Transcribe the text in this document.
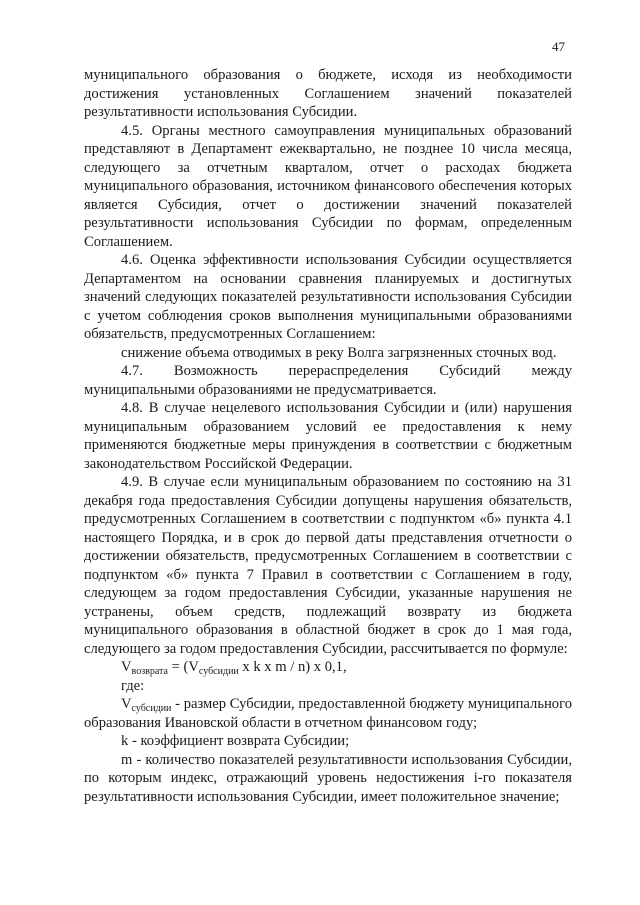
47

муниципального образования о бюджете, исходя из необходимости достижения установленных Соглашением значений показателей результативности использования Субсидии.

4.5. Органы местного самоуправления муниципальных образований представляют в Департамент ежеквартально, не позднее 10 числа месяца, следующего за отчетным кварталом, отчет о расходах бюджета муниципального образования, источником финансового обеспечения которых является Субсидия, отчет о достижении значений показателей результативности использования Субсидии по формам, определенным Соглашением.

4.6. Оценка эффективности использования Субсидии осуществляется Департаментом на основании сравнения планируемых и достигнутых значений следующих показателей результативности использования Субсидии с учетом соблюдения сроков выполнения муниципальными образованиями обязательств, предусмотренных Соглашением:

снижение объема отводимых в реку Волга загрязненных сточных вод.

4.7. Возможность перераспределения Субсидий между муниципальными образованиями не предусматривается.

4.8. В случае нецелевого использования Субсидии и (или) нарушения муниципальным образованием условий ее предоставления к нему применяются бюджетные меры принуждения в соответствии с бюджетным законодательством Российской Федерации.

4.9. В случае если муниципальным образованием по состоянию на 31 декабря года предоставления Субсидии допущены нарушения обязательств, предусмотренных Соглашением в соответствии с подпунктом «б» пункта 4.1 настоящего Порядка, и в срок до первой даты представления отчетности о достижении обязательств, предусмотренных Соглашением в соответствии с подпунктом «б» пункта 7 Правил в соответствии с Соглашением в году, следующем за годом предоставления Субсидии, указанные нарушения не устранены, объем средств, подлежащий возврату из бюджета муниципального образования в областной бюджет в срок до 1 мая года, следующего за годом предоставления Субсидии, рассчитывается по формуле:

$V_{возврата} = (V_{субсидии}$ x k x m / n) x 0,1,

где:

$V_{субсидии}$ - размер Субсидии, предоставленной бюджету муниципального образования Ивановской области в отчетном финансовом году;

k - коэффициент возврата Субсидии;

m - количество показателей результативности использования Субсидии, по которым индекс, отражающий уровень недостижения i-го показателя результативности использования Субсидии, имеет положительное значение;
